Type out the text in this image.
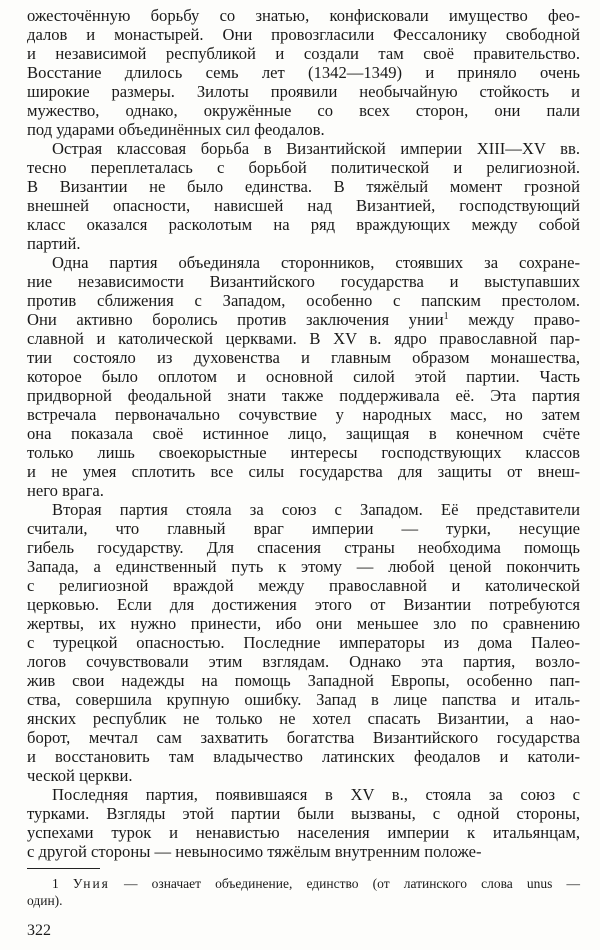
ожесточённую борьбу со знатью, конфисковали имущество фео-
далов и монастырей. Они провозгласили Фессалонику свободной
и независимой республикой и создали там своё правительство.
Восстание длилось семь лет (1342—1349) и приняло очень
широкие размеры. Зилоты проявили необычайную стойкость и
мужество, однако, окружённые со всех сторон, они пали
под ударами объединённых сил феодалов.
Острая классовая борьба в Византийской империи XIII—XV вв.
тесно переплеталась с борьбой политической и религиозной.
В Византии не было единства. В тяжёлый момент грозной
внешней опасности, нависшей над Византией, господствующий
класс оказался расколотым на ряд враждующих между собой
партий.
Одна партия объединяла сторонников, стоявших за сохране-
ние независимости Византийского государства и выступавших
против сближения с Западом, особенно с папским престолом.
Они активно боролись против заключения унии$^1$ между право-
славной и католической церквами. В XV в. ядро православной пар-
тии состояло из духовенства и главным образом монашества,
которое было оплотом и основной силой этой партии. Часть
придворной феодальной знати также поддерживала её. Эта партия
встречала первоначально сочувствие у народных масс, но затем
она показала своё истинное лицо, защищая в конечном счёте
только лишь своекорыстные интересы господствующих классов
и не умея сплотить все силы государства для защиты от внеш-
него врага.
Вторая партия стояла за союз с Западом. Её представители
считали, что главный враг империи — турки, несущие
гибель государству. Для спасения страны необходима помощь
Запада, а единственный путь к этому — любой ценой покончить
с религиозной враждой между православной и католической
церковью. Если для достижения этого от Византии потребуются
жертвы, их нужно принести, ибо они меньшее зло по сравнению
с турецкой опасностью. Последние императоры из дома Палео-
логов сочувствовали этим взглядам. Однако эта партия, возло-
жив свои надежды на помощь Западной Европы, особенно пап-
ства, совершила крупную ошибку. Запад в лице папства и италь-
янских республик не только не хотел спасать Византии, а нао-
борот, мечтал сам захватить богатства Византийского государства
и восстановить там владычество латинских феодалов и католи-
ческой церкви.
Последняя партия, появившаяся в XV в., стояла за союз с
турками. Взгляды этой партии были вызваны, с одной стороны,
успехами турок и ненавистью населения империи к итальянцам,
с другой стороны — невыносимо тяжёлым внутренним положе-
1 Уния — означает объединение, единство (от латинского слова unus —
один).
322
